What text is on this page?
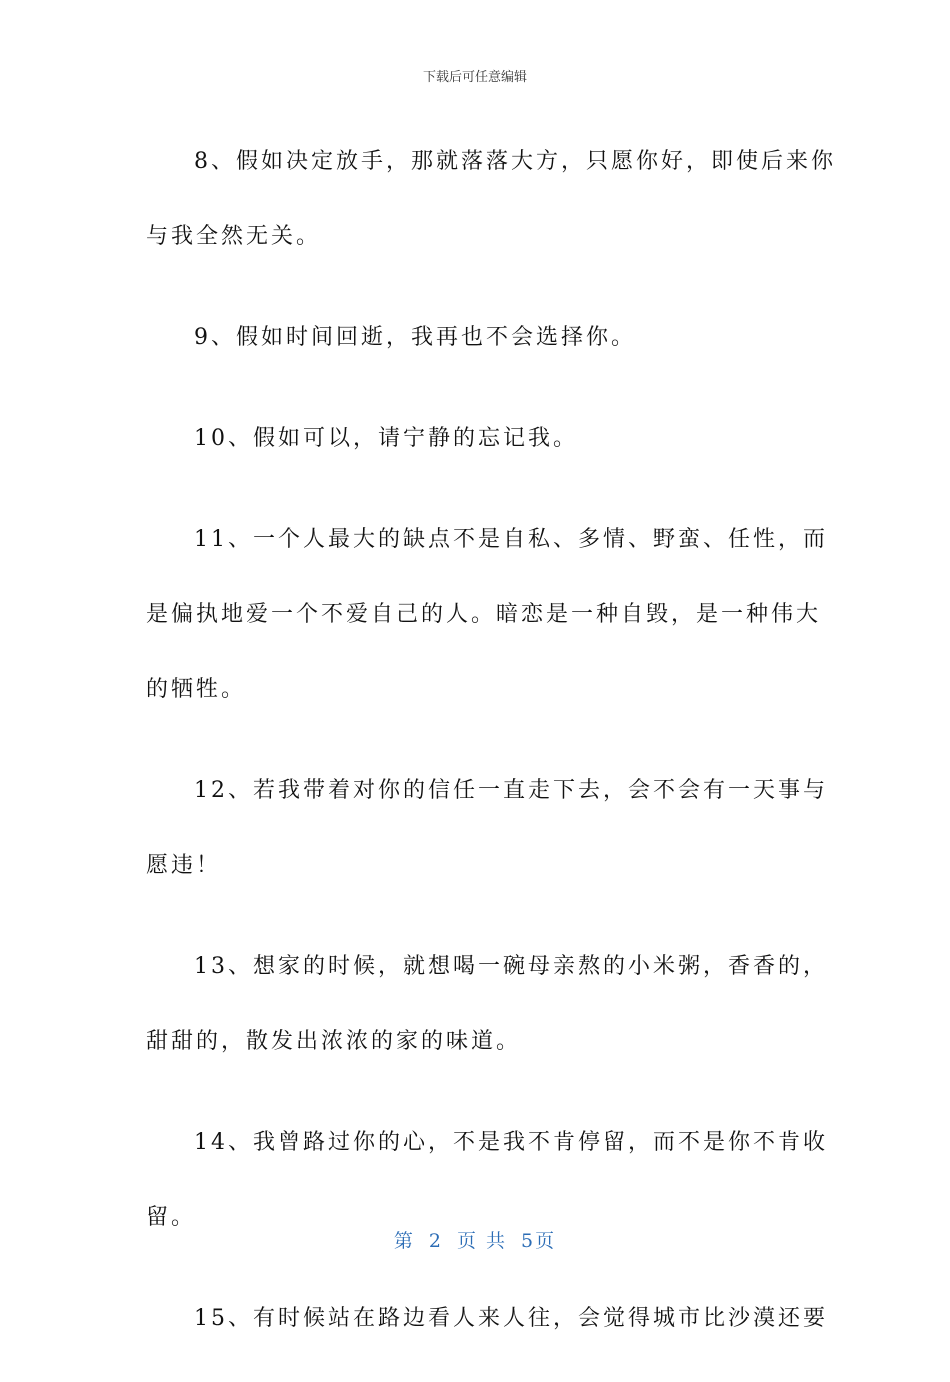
下载后可任意编辑

8、假如决定放手，那就落落大方，只愿你好，即使后来你
与我全然无关。

9、假如时间回逝，我再也不会选择你。

10、假如可以，请宁静的忘记我。

11、一个人最大的缺点不是自私、多情、野蛮、任性，而
是偏执地爱一个不爱自己的人。暗恋是一种自毁，是一种伟大
的牺牲。

12、若我带着对你的信任一直走下去，会不会有一天事与
愿违！

13、想家的时候，就想喝一碗母亲熬的小米粥，香香的，
甜甜的，散发出浓浓的家的味道。

14、我曾路过你的心，不是我不肯停留，而不是你不肯收
留。

15、有时候站在路边看人来人往，会觉得城市比沙漠还要

第 2 页 共 5页
